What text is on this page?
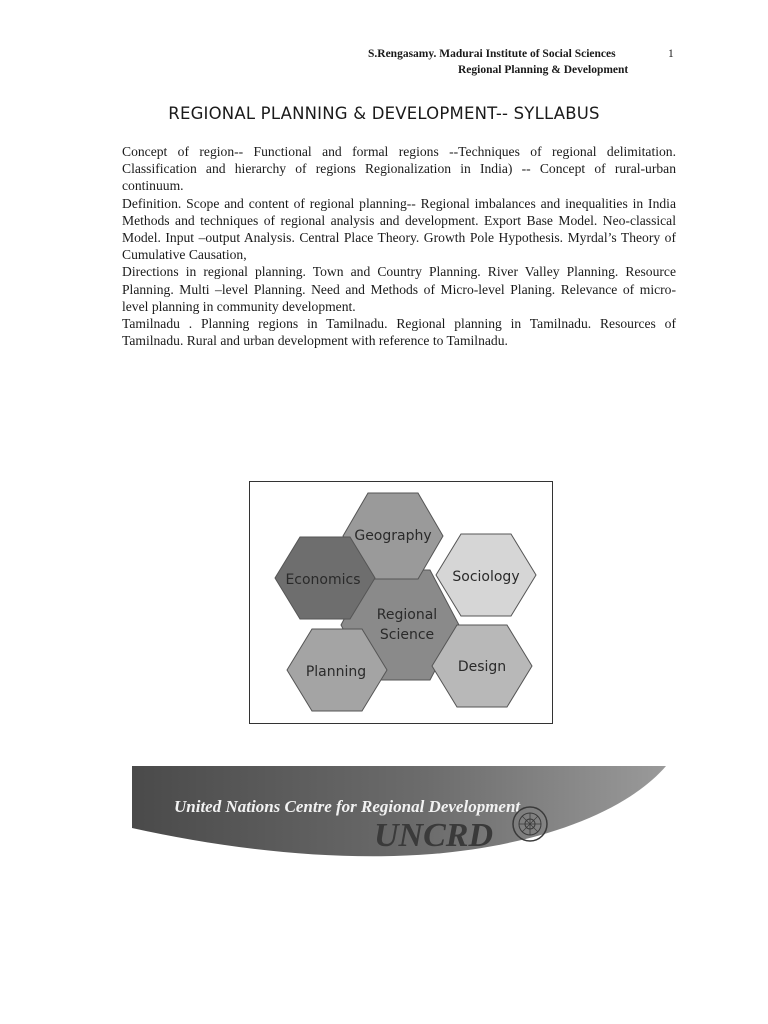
S.Rengasamy. Madurai Institute of Social Sciences	1
Regional Planning & Development
REGIONAL PLANNING & DEVELOPMENT-- SYLLABUS

Concept of region-- Functional and formal regions --Techniques of regional delimitation. Classification and hierarchy of regions Regionalization in India) -- Concept of rural-urban continuum.

Definition. Scope and content of regional planning-- Regional imbalances and inequalities in India Methods and techniques of regional analysis and development. Export Base Model. Neo-classical Model. Input –output Analysis. Central Place Theory. Growth Pole Hypothesis. Myrdal’s Theory of Cumulative Causation,

Directions in regional planning. Town and Country Planning. River Valley Planning. Resource Planning. Multi –level Planning. Need and Methods of Micro-level Planing. Relevance of micro-level planning in community development.

Tamilnadu . Planning regions in Tamilnadu. Regional planning in Tamilnadu. Resources of Tamilnadu. Rural and urban development with reference to Tamilnadu.

Geography
Economics	Sociology
Regional
Science
Planning	Design
United Nations Centre for Regional Development
UNCRD
